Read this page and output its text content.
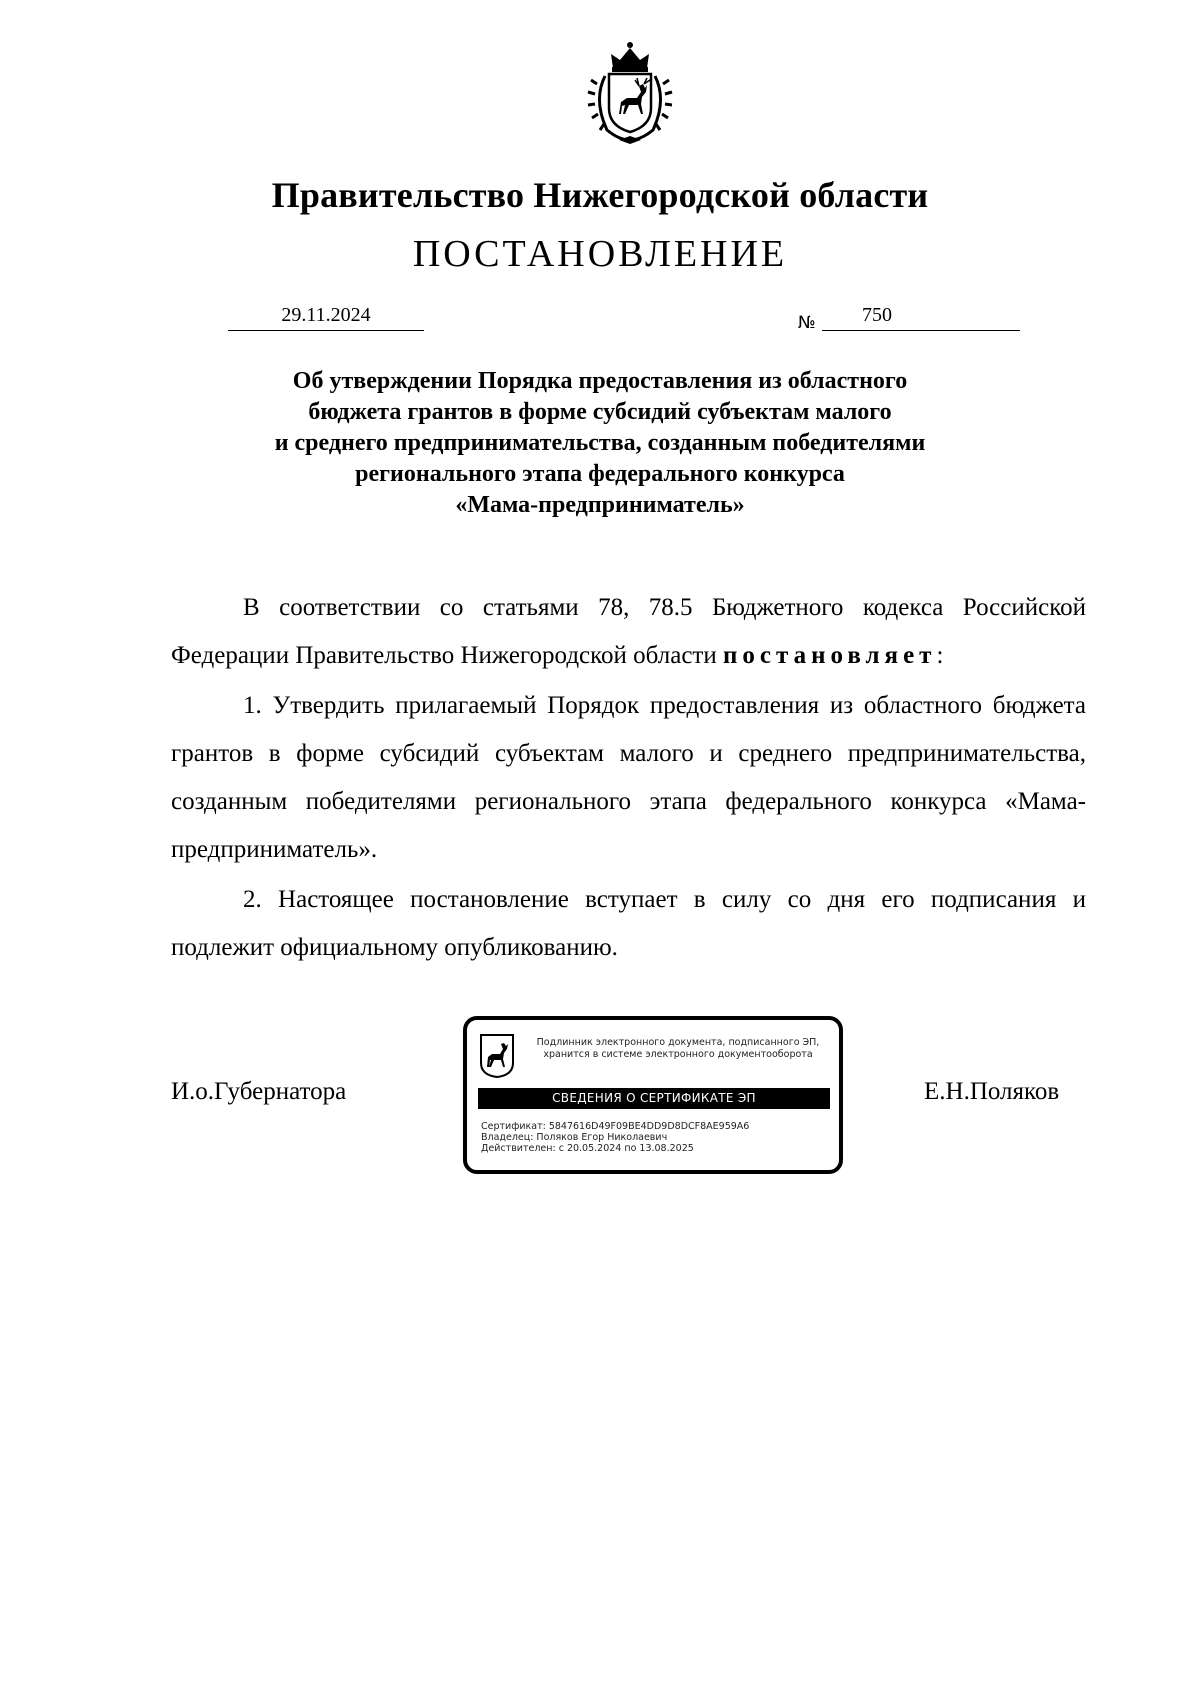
Правительство Нижегородской области
ПОСТАНОВЛЕНИЕ
29.11.2024	№	750
Об утверждении Порядка предоставления из областного
бюджета грантов в форме субсидий субъектам малого
и среднего предпринимательства, созданным победителями
регионального этапа федерального конкурса
«Мама-предприниматель»
В соответствии со статьями 78, 78.5 Бюджетного кодекса Российской Федерации Правительство Нижегородской области постановляет:
1. Утвердить прилагаемый Порядок предоставления из областного бюджета грантов в форме субсидий субъектам малого и среднего предпринимательства, созданным победителями регионального этапа федерального конкурса «Мама-предприниматель».
2. Настоящее постановление вступает в силу со дня его подписания и подлежит официальному опубликованию.
И.о.Губернатора	Е.Н.Поляков
Подлинник электронного документа, подписанного ЭП,
хранится в системе электронного документооборота
СВЕДЕНИЯ О СЕРТИФИКАТЕ ЭП
Сертификат: 5847616D49F09BE4DD9D8DCF8AE959A6
Владелец: Поляков Егор Николаевич
Действителен: с 20.05.2024 по 13.08.2025
